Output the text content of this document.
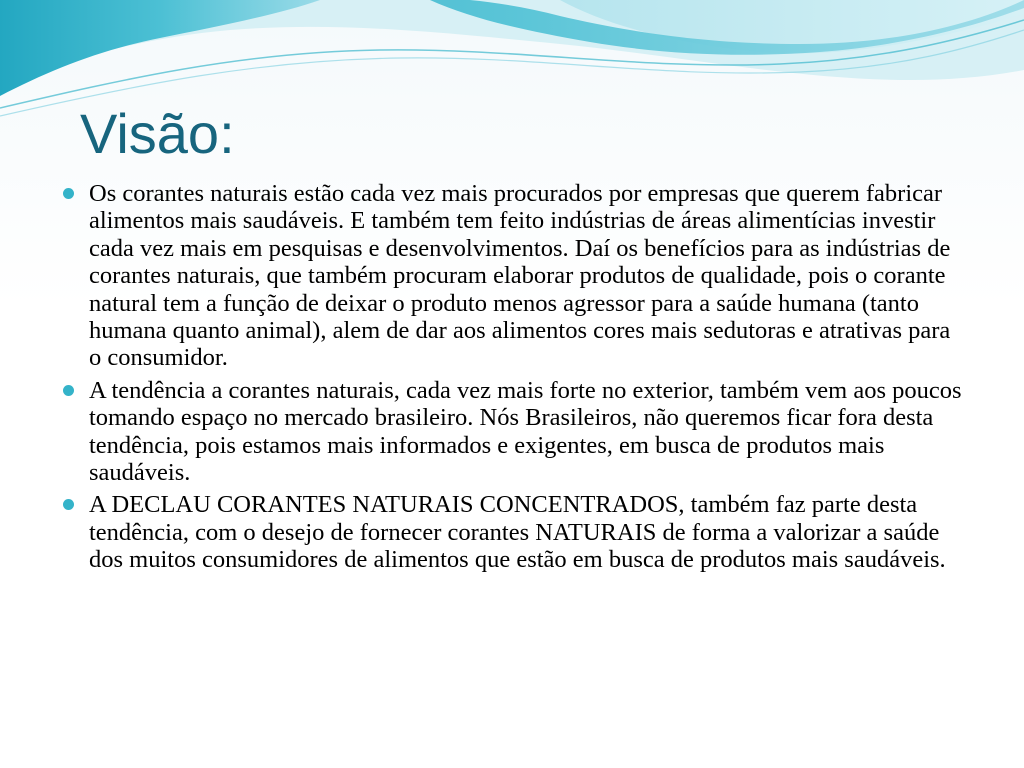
Visão:
Os corantes naturais estão cada vez mais procurados por empresas que querem fabricar alimentos mais saudáveis. E também tem feito indústrias de áreas alimentícias investir cada vez mais em pesquisas e desenvolvimentos. Daí os benefícios para as indústrias de corantes naturais, que também procuram elaborar produtos de qualidade, pois o corante natural tem a função de deixar o produto menos agressor para a saúde humana (tanto humana quanto animal), alem de dar aos alimentos cores mais sedutoras e atrativas para o consumidor.
A tendência a corantes naturais, cada vez mais forte no exterior, também vem aos poucos tomando espaço no mercado brasileiro. Nós Brasileiros, não queremos ficar fora desta tendência, pois estamos mais informados e exigentes, em busca de produtos mais saudáveis.
A DECLAU CORANTES NATURAIS CONCENTRADOS, também faz parte desta tendência, com o desejo de fornecer corantes NATURAIS de forma a valorizar a saúde dos muitos consumidores de alimentos que estão em busca de produtos mais saudáveis.
